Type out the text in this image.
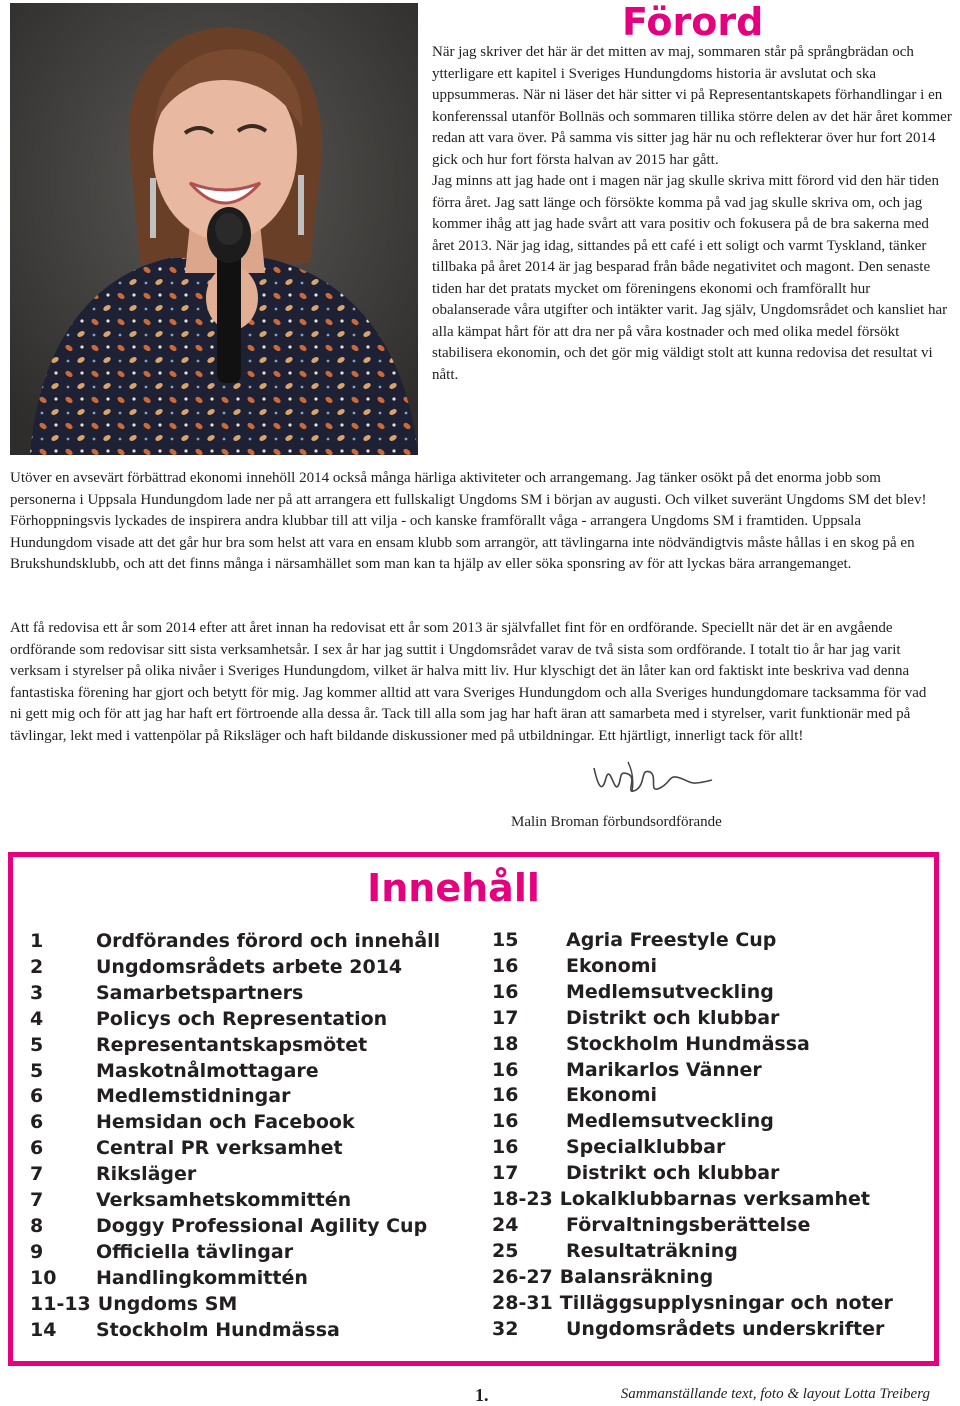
Förord

När jag skriver det här är det mitten av maj, sommaren står på språngbrädan och ytterligare ett kapitel i Sveriges Hundungdoms historia är avslutat och ska uppsummeras. När ni läser det här sitter vi på Representantskapets förhandlingar i en konferenssal utanför Bollnäs och sommaren tillika större delen av det här året kommer redan att vara över. På samma vis sitter jag här nu och reflekterar över hur fort 2014 gick och hur fort första halvan av 2015 har gått.

Jag minns att jag hade ont i magen när jag skulle skriva mitt förord vid den här tiden förra året. Jag satt länge och försökte komma på vad jag skulle skriva om, och jag kommer ihåg att jag hade svårt att vara positiv och fokusera på de bra sakerna med året 2013. När jag idag, sittandes på ett café i ett soligt och varmt Tyskland, tänker tillbaka på året 2014 är jag besparad från både negativitet och magont. Den senaste tiden har det pratats mycket om föreningens ekonomi och framförallt hur obalanserade våra utgifter och intäkter varit. Jag själv, Ungdomsrådet och kansliet har alla kämpat hårt för att dra ner på våra kostnader och med olika medel försökt stabilisera ekonomin, och det gör mig väldigt stolt att kunna redovisa det resultat vi nått.

Utöver en avsevärt förbättrad ekonomi innehöll 2014 också många härliga aktiviteter och arrangemang. Jag tänker osökt på det enorma jobb som personerna i Uppsala Hundungdom lade ner på att arrangera ett fullskaligt Ungdoms SM i början av augusti. Och vilket suveränt Ungdoms SM det blev! Förhoppningsvis lyckades de inspirera andra klubbar till att vilja - och kanske framförallt våga - arrangera Ungdoms SM i framtiden. Uppsala Hundungdom visade att det går hur bra som helst att vara en ensam klubb som arrangör, att tävlingarna inte nödvändigtvis måste hållas i en skog på en Brukshundsklubb, och att det finns många i närsamhället som man kan ta hjälp av eller söka sponsring av för att lyckas bära arrangemanget.

Att få redovisa ett år som 2014 efter att året innan ha redovisat ett år som 2013 är självfallet fint för en ordförande. Speciellt när det är en avgående ordförande som redovisar sitt sista verksamhetsår. I sex år har jag suttit i Ungdomsrådet varav de två sista som ordförande. I totalt tio år har jag varit verksam i styrelser på olika nivåer i Sveriges Hundungdom, vilket är halva mitt liv. Hur klyschigt det än låter kan ord faktiskt inte beskriva vad denna fantastiska förening har gjort och betytt för mig. Jag kommer alltid att vara Sveriges Hundungdom och alla Sveriges hundungdomare tacksamma för vad ni gett mig och för att jag har haft ert förtroende alla dessa år. Tack till alla som jag har haft äran att samarbeta med i styrelser, varit funktionär med på tävlingar, lekt med i vattenpölar på Riksläger och haft bildande diskussioner med på utbildningar. Ett hjärtligt, innerligt tack för allt!

Malin Broman förbundsordförande
Innehåll
1	Ordförandes förord och innehåll
2	Ungdomsrådets arbete 2014
3	Samarbetspartners
4	Policys och Representation
5	Representantskapsmötet
5	Maskotnålmottagare
6	Medlemstidningar
6	Hemsidan och Facebook
6	Central PR verksamhet
7	Riksläger
7	Verksamhetskommittén
8	Doggy Professional Agility Cup
9	Officiella tävlingar
10	Handlingkommittén
11-13 Ungdoms SM
14	Stockholm Hundmässa
15	Agria Freestyle Cup
16	Ekonomi
16	Medlemsutveckling
17	Distrikt och klubbar
18	Stockholm Hundmässa
16	Marikarlos Vänner
16	Ekonomi
16	Medlemsutveckling
16	Specialklubbar
17	Distrikt och klubbar
18-23 Lokalklubbarnas verksamhet
24	Förvaltningsberättelse
25	Resultaträkning
26-27 Balansräkning
28-31 Tilläggsupplysningar och noter
32	Ungdomsrådets underskrifter

1.	Sammanställande text, foto & layout Lotta Treiberg
